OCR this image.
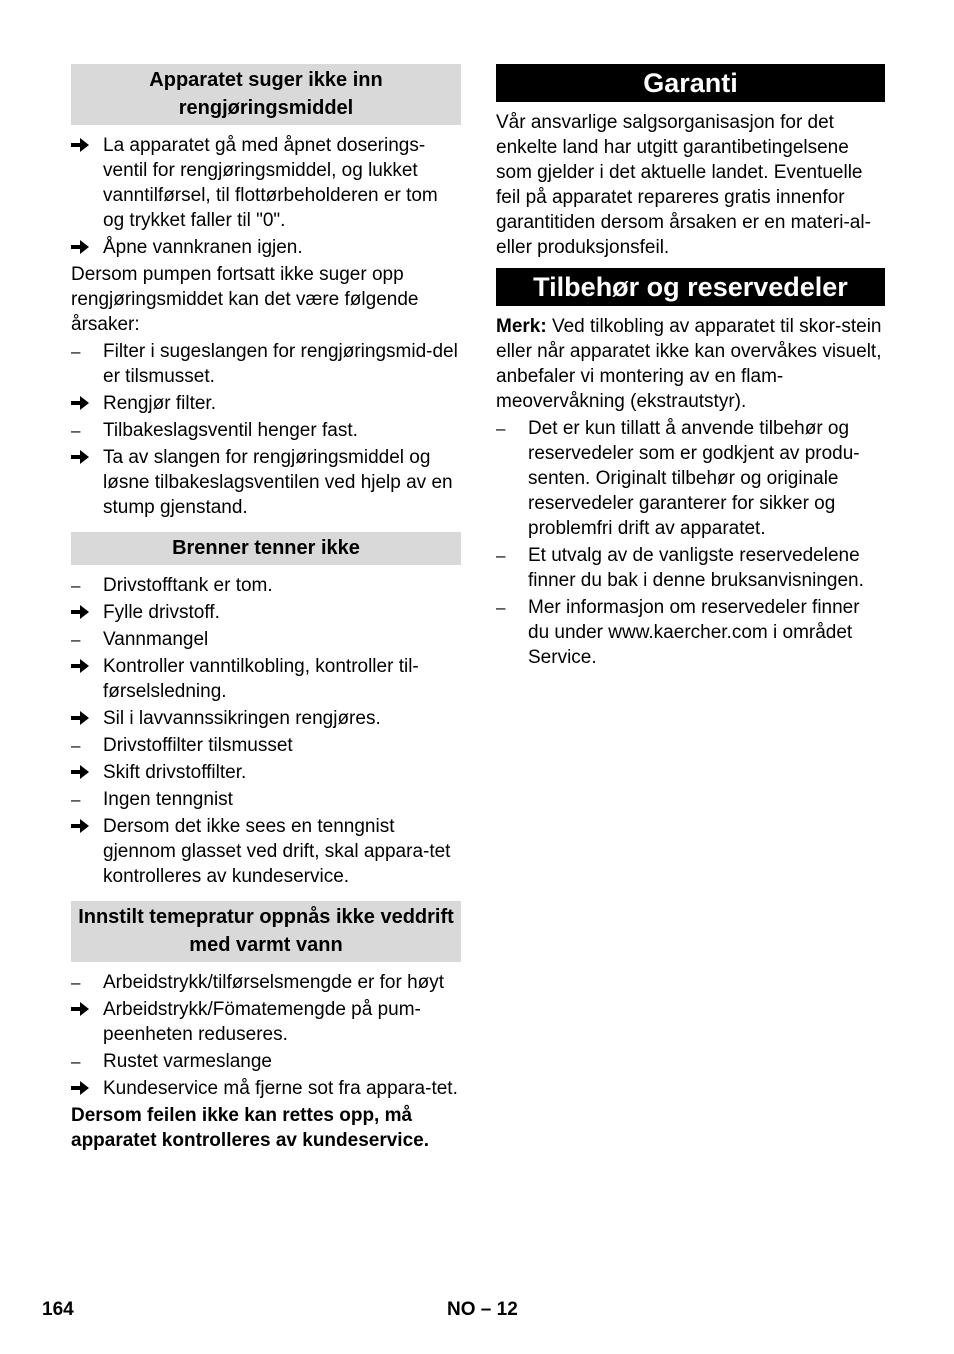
Apparatet suger ikke inn rengjøringsmiddel
La apparatet gå med åpnet doserings-ventil for rengjøringsmiddel, og lukket vanntilførsel, til flottørbeholderen er tom og trykket faller til "0".
Åpne vannkranen igjen.
Dersom pumpen fortsatt ikke suger opp rengjøringsmiddet kan det være følgende årsaker:
–	Filter i sugeslangen for rengjøringsmid-del er tilsmusset.
Rengjør filter.
–	Tilbakeslagsventil henger fast.
Ta av slangen for rengjøringsmiddel og løsne tilbakeslagsventilen ved hjelp av en stump gjenstand.
Brenner tenner ikke
–	Drivstofftank er tom.
Fylle drivstoff.
–	Vannmangel
Kontroller vanntilkobling, kontroller til-førselsledning.
Sil i lavvannssikringen rengjøres.
–	Drivstoffilter tilsmusset
Skift drivstoffilter.
–	Ingen tenngnist
Dersom det ikke sees en tenngnist gjennom glasset ved drift, skal appara-tet kontrolleres av kundeservice.
Innstilt temepratur oppnås ikke veddrift med varmt vann
–	Arbeidstrykk/tilførselsmengde er for høyt
Arbeidstrykk/Fömatemengde på pum-peenheten reduseres.
–	Rustet varmeslange
Kundeservice må fjerne sot fra appara-tet.
Dersom feilen ikke kan rettes opp, må apparatet kontrolleres av kundeservice.
Garanti
Vår ansvarlige salgsorganisasjon for det enkelte land har utgitt garantibetingelsene som gjelder i det aktuelle landet. Eventuelle feil på apparatet repareres gratis innenfor garantitiden dersom årsaken er en materi-al- eller produksjonsfeil.
Tilbehør og reservedeler
Merk: Ved tilkobling av apparatet til skor-stein eller når apparatet ikke kan overvåkes visuelt, anbefaler vi montering av en flam-meovervåkning (ekstrautstyr).
–	Det er kun tillatt å anvende tilbehør og reservedeler som er godkjent av produ-senten. Originalt tilbehør og originale reservedeler garanterer for sikker og problemfri drift av apparatet.
–	Et utvalg av de vanligste reservedelene finner du bak i denne bruksanvisningen.
–	Mer informasjon om reservedeler finner du under www.kaercher.com i området Service.
164	NO – 12
